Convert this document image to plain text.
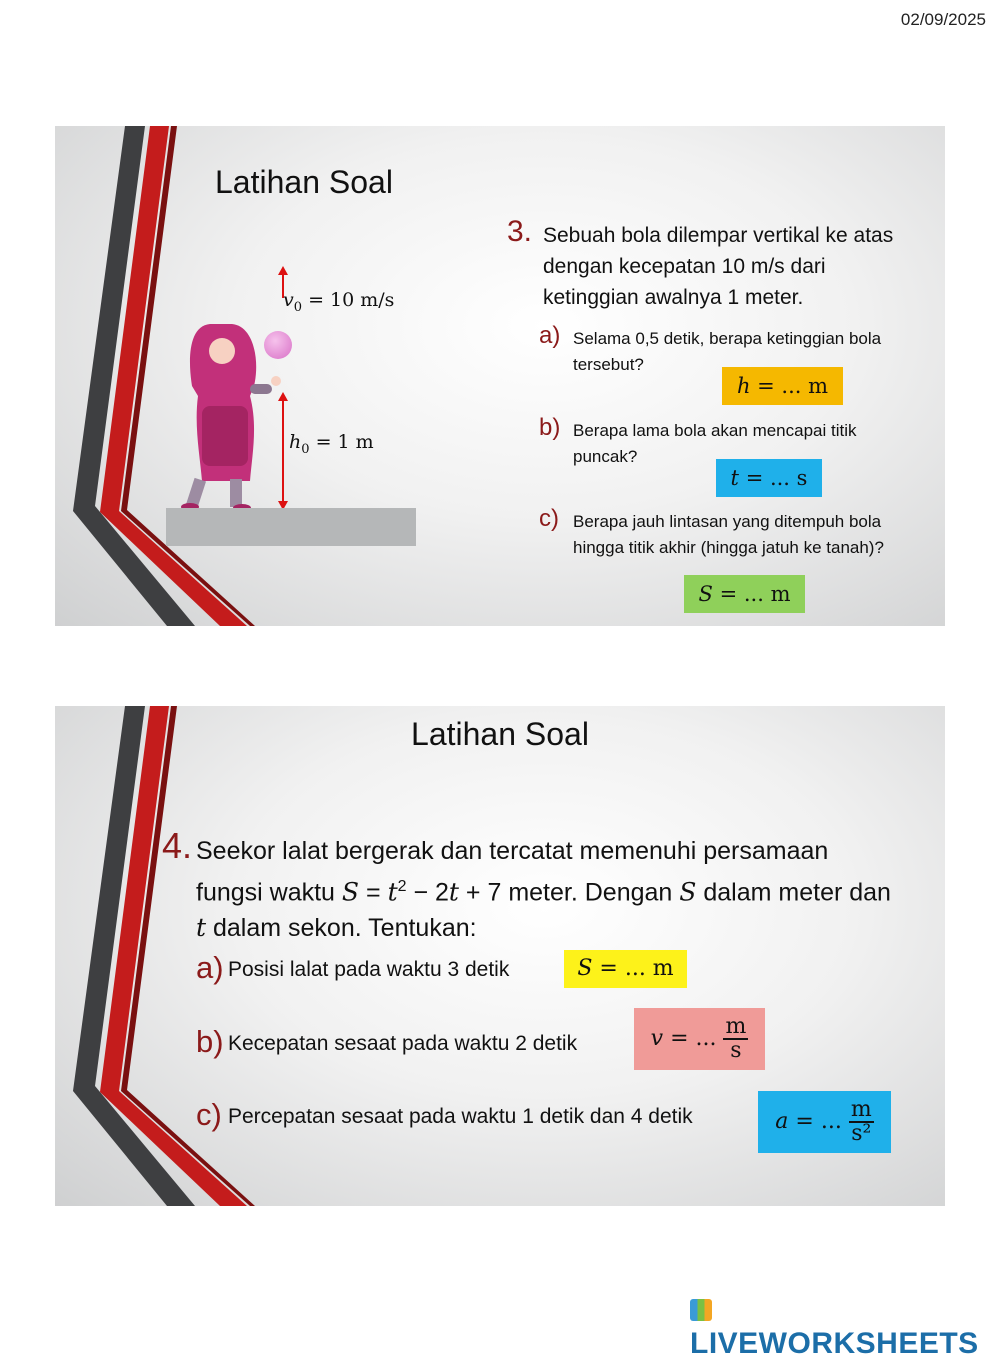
02/09/2025
Latihan Soal
$v_0 = 10$ m/s
$h_0 = 1$ m
3. Sebuah bola dilempar vertikal ke atas dengan kecepatan 10 m/s dari ketinggian awalnya 1 meter.
a) Selama 0,5 detik, berapa ketinggian bola tersebut?
h = ... m
b) Berapa lama bola akan mencapai titik puncak?
t = ... s
c) Berapa jauh lintasan yang ditempuh bola hingga titik akhir (hingga jatuh ke tanah)?
S = ... m
Latihan Soal
4. Seekor lalat bergerak dan tercatat memenuhi persamaan fungsi waktu $S = t^2 - 2t + 7$ meter. Dengan S dalam meter dan t dalam sekon. Tentukan:
a) Posisi lalat pada waktu 3 detik	S = ... m
b) Kecepatan sesaat pada waktu 2 detik	v = ... $\frac{m}{s}$
c) Percepatan sesaat pada waktu 1 detik dan 4 detik	a = ... $\frac{m}{\text{s²}}$
LIVEWORKSHEETS
